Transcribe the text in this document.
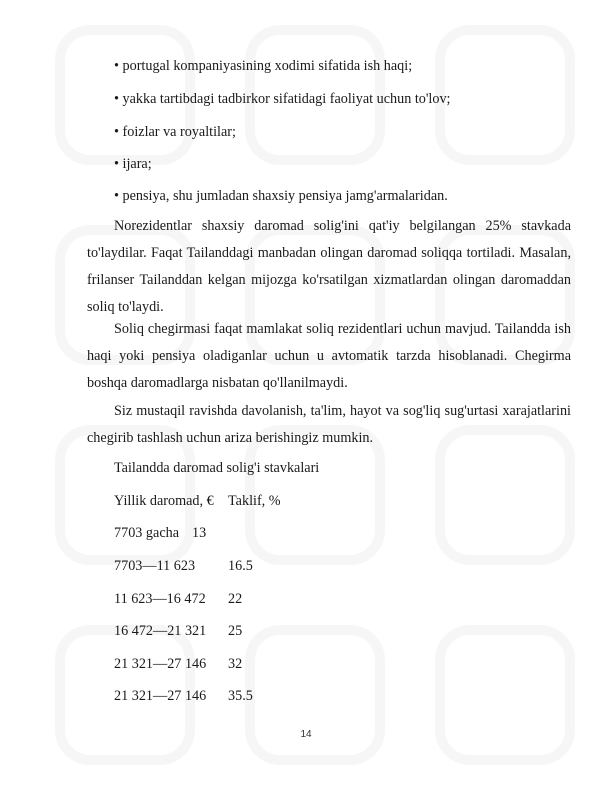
• portugal kompaniyasining xodimi sifatida ish haqi;
• yakka tartibdagi tadbirkor sifatidagi faoliyat uchun to'lov;
• foizlar va royaltilar;
• ijara;
• pensiya, shu jumladan shaxsiy pensiya jamg'armalaridan.
Norezidentlar shaxsiy daromad solig'ini qat'iy belgilangan 25% stavkada to'laydilar. Faqat Tailanddagi manbadan olingan daromad soliqqa tortiladi. Masalan, frilanser Tailanddan kelgan mijozga ko'rsatilgan xizmatlardan olingan daromaddan soliq to'laydi.
Soliq chegirmasi faqat mamlakat soliq rezidentlari uchun mavjud. Tailandda ish haqi yoki pensiya oladiganlar uchun u avtomatik tarzda hisoblanadi. Chegirma boshqa daromadlarga nisbatan qo'llanilmaydi.
Siz mustaqil ravishda davolanish, ta'lim, hayot va sog'liq sug'urtasi xarajatlarini chegirib tashlash uchun ariza berishingiz mumkin.
Tailandda daromad solig'i stavkalari
Yillik daromad, € Taklif, %
7703 gacha 13
7703—11 623 16.5
11 623—16 472 22
16 472—21 321 25
21 321—27 146 32
21 321—27 146 35.5
14
